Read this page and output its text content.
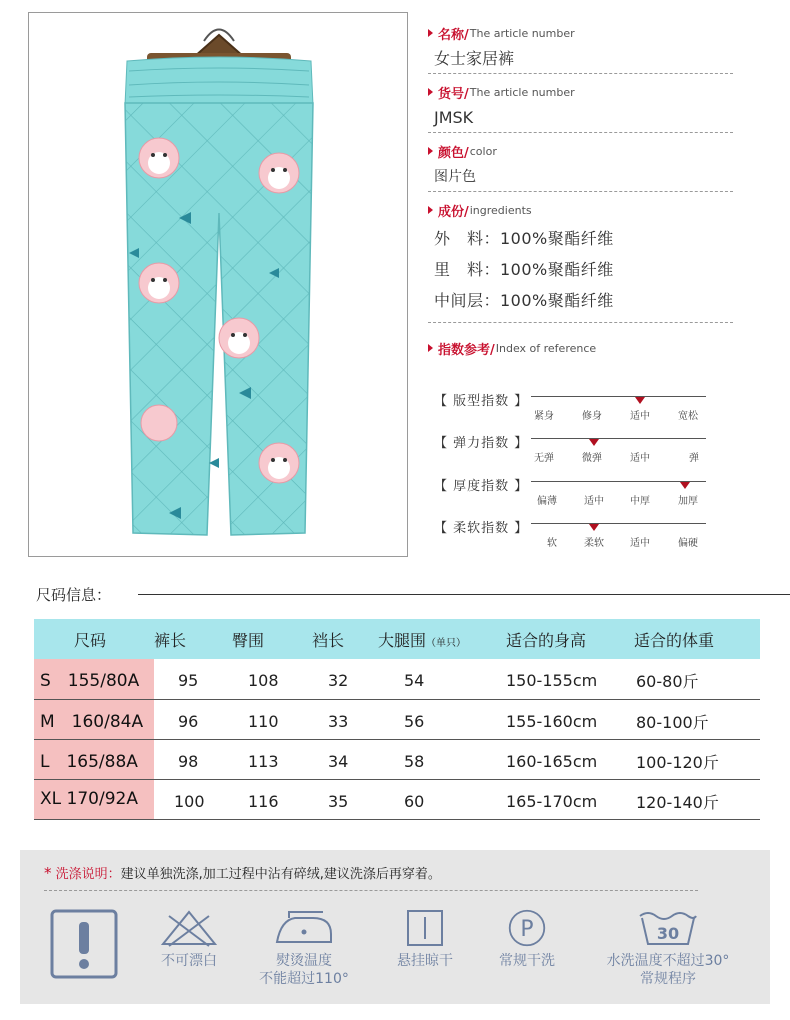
名称/ The article number
女士家居裤
货号/ The article number
JMSK
颜色/ color
图片色
成份/ ingredients
外　料：100%聚酯纤维
里　料：100%聚酯纤维
中间层：100%聚酯纤维
指数参考/ Index of reference
【 版型指数 】
紧身	修身	适中	宽松
【 弹力指数 】
无弹	微弹	适中	弹
【 厚度指数 】
偏薄	适中	中厚	加厚
【 柔软指数 】
软	柔软	适中	偏硬
尺码信息：
尺码	裤长	臀围	裆长	大腿围（单只）	适合的身高	适合的体重
S　155/80A	95	108	32	54	150-155cm	60-80斤
M　160/84A	96	110	33	56	155-160cm	80-100斤
L　165/88A	98	113	34	58	160-165cm	100-120斤
XL 170/92A	100	116	35	60	165-170cm	120-140斤
* 洗涤说明：建议单独洗涤,加工过程中沾有碎绒,建议洗涤后再穿着。
不可漂白	熨烫温度
不能超过110°
悬挂晾干
P
常规干洗
30
水洗温度不超过30°
常规程序
